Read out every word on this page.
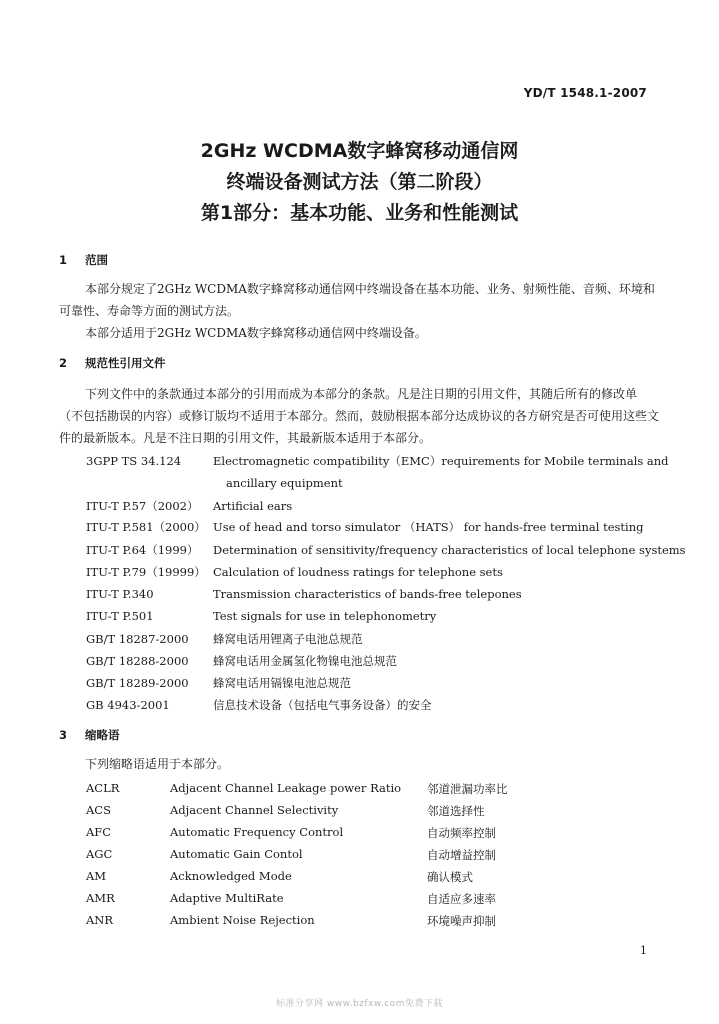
YD/T 1548.1-2007
2GHz WCDMA数字蜂窝移动通信网
终端设备测试方法（第二阶段）
第1部分：基本功能、业务和性能测试
1 范围
本部分规定了2GHz WCDMA数字蜂窝移动通信网中终端设备在基本功能、业务、射频性能、音频、环境和可靠性、寿命等方面的测试方法。
本部分适用于2GHz WCDMA数字蜂窝移动通信网中终端设备。
2 规范性引用文件
下列文件中的条款通过本部分的引用而成为本部分的条款。凡是注日期的引用文件，其随后所有的修改单（不包括勘误的内容）或修订版均不适用于本部分。然而，鼓励根据本部分达成协议的各方研究是否可使用这些文件的最新版本。凡是不注日期的引用文件，其最新版本适用于本部分。
3GPP TS 34.124	Electromagnetic compatibility（EMC）requirements for Mobile terminals and
ancillary equipment
ITU-T P.57（2002） Artificial ears
ITU-T P.581（2000） Use of head and torso simulator （HATS） for hands-free terminal testing
ITU-T P.64（1999） Determination of sensitivity/frequency characteristics of local telephone systems
ITU-T P.79（19999） Calculation of loudness ratings for telephone sets
ITU-T P.340	Transmission characteristics of bands-free telepones
ITU-T P.501	Test signals for use in telephonometry
GB/T 18287-2000 蜂窝电话用锂离子电池总规范
GB/T 18288-2000 蜂窝电话用金属氢化物镍电池总规范
GB/T 18289-2000 蜂窝电话用镉镍电池总规范
GB 4943-2001	信息技术设备（包括电气事务设备）的安全
3 缩略语
下列缩略语适用于本部分。
ACLR	Adjacent Channel Leakage power Ratio 邻道泄漏功率比
ACS	Adjacent Channel Selectivity	邻道选择性
AFC	Automatic Frequency Control	自动频率控制
AGC	Automatic Gain Contol	自动增益控制
AM	Acknowledged Mode	确认模式
AMR	Adaptive MultiRate	自适应多速率
ANR	Ambient Noise Rejection	环境噪声抑制
1
标准分享网 www.bzfxw.com免费下载
